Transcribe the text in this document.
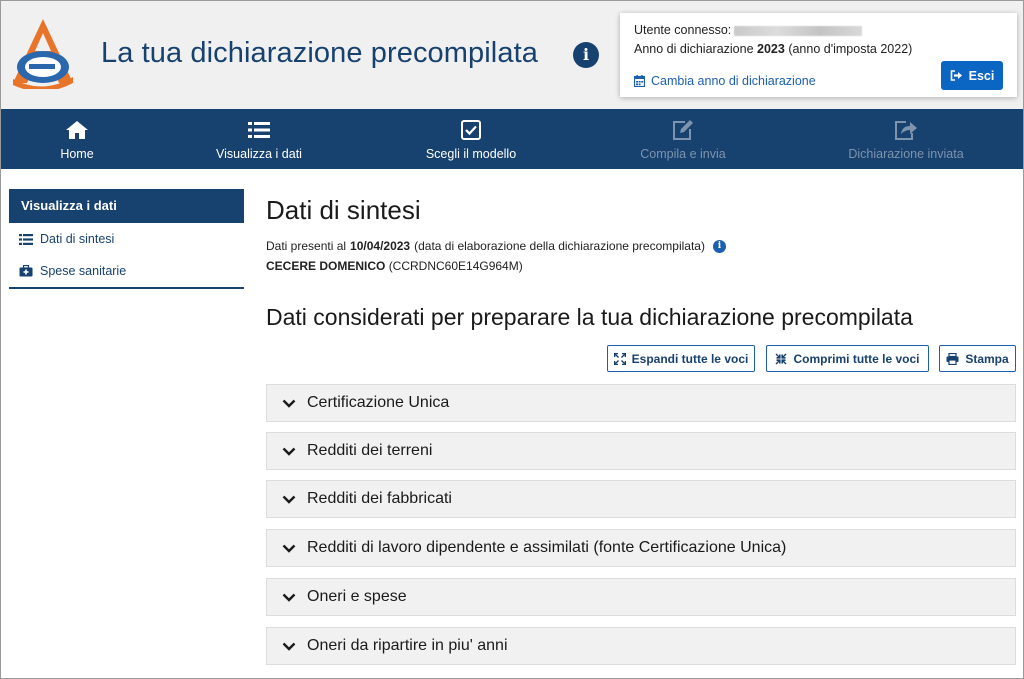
La tua dichiarazione precompilata	i
Utente connesso:
Anno di dichiarazione 2023 (anno d'imposta 2022)
Cambia anno di dichiarazione	Esci
Home	Visualizza i dati	Scegli il modello	Compila e invia	Dichiarazione inviata
Visualizza i dati
Dati di sintesi
Spese sanitarie
Dati di sintesi
Dati presenti al 10/04/2023 (data di elaborazione della dichiarazione precompilata)	i
CECERE DOMENICO (CCRDNC60E14G964M)
Dati considerati per preparare la tua dichiarazione precompilata
Espandi tutte le voci	Comprimi tutte le voci	Stampa
Certificazione Unica
Redditi dei terreni
Redditi dei fabbricati
Redditi di lavoro dipendente e assimilati (fonte Certificazione Unica)
Oneri e spese
Oneri da ripartire in piu' anni
